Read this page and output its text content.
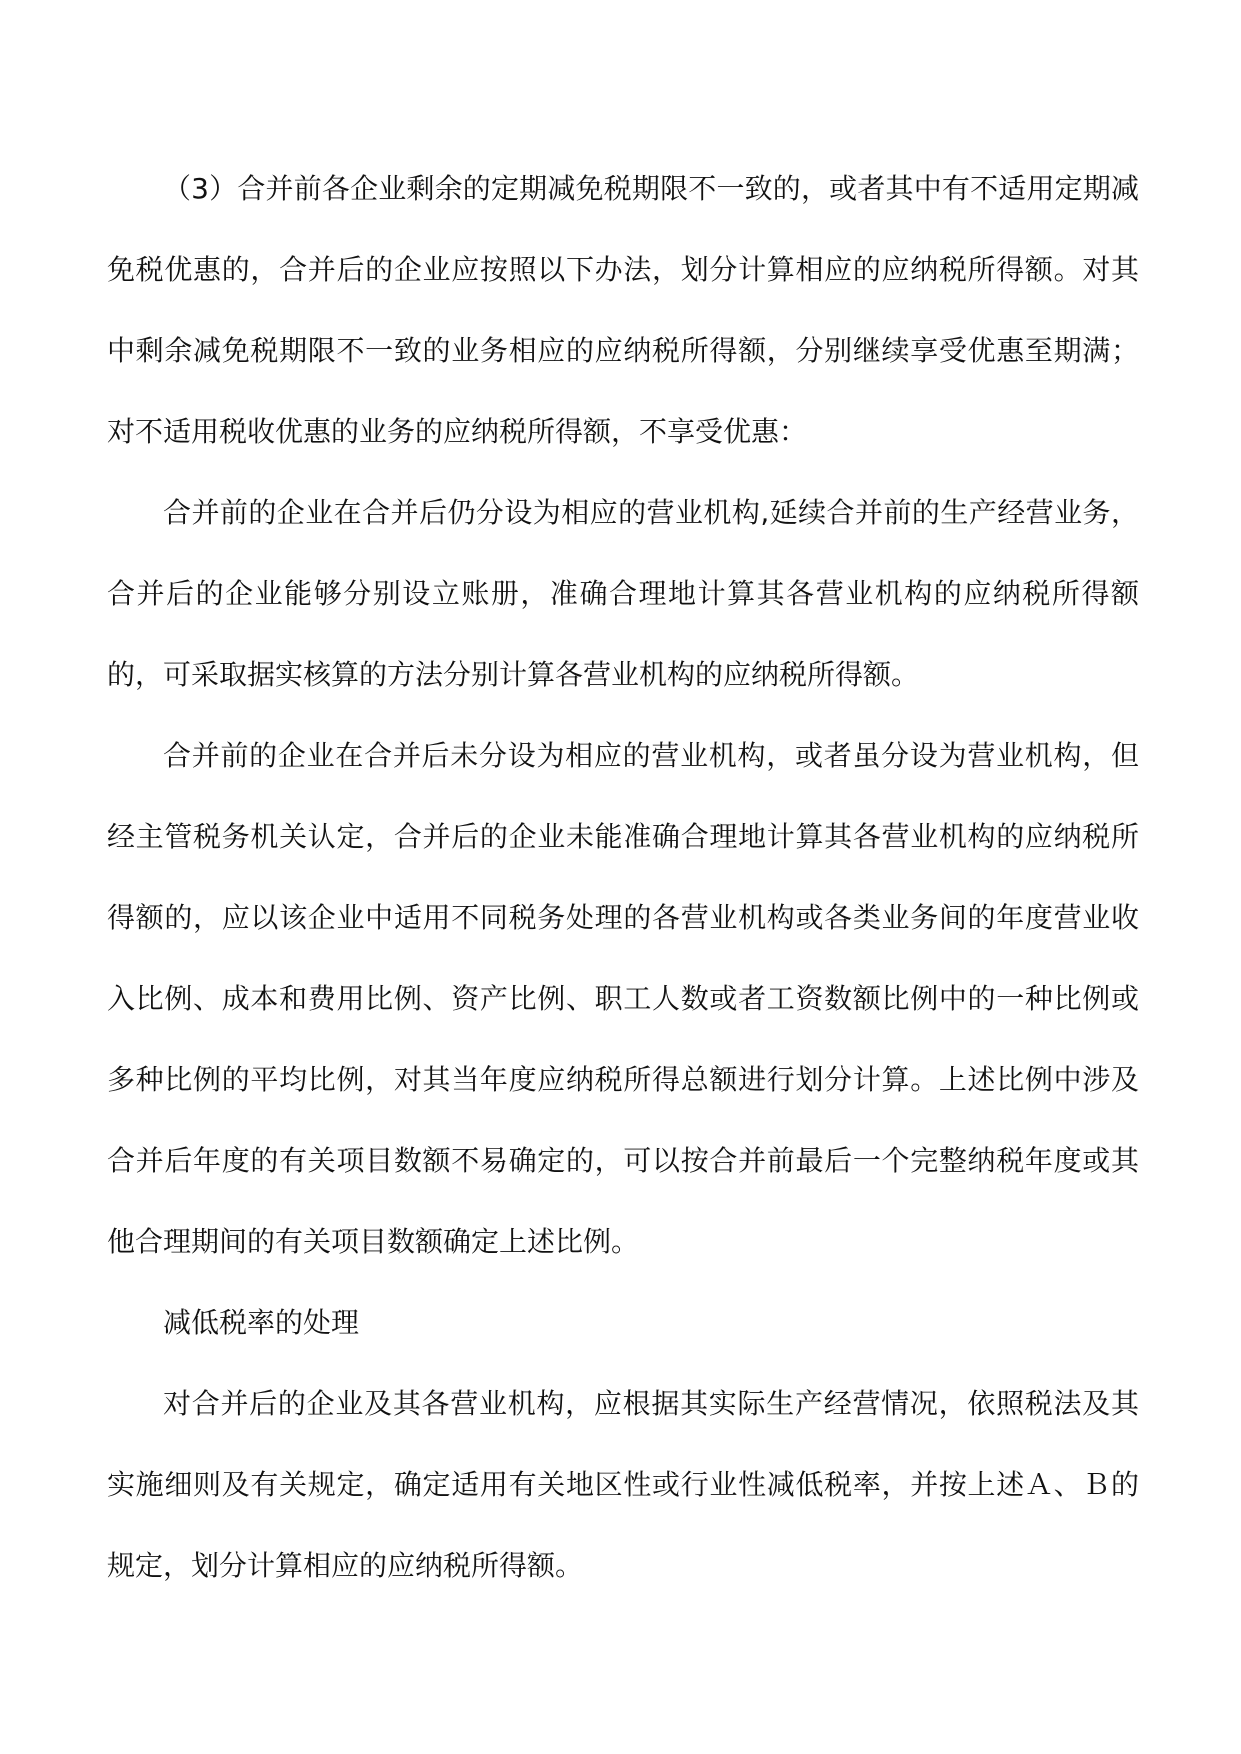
（3）合并前各企业剩余的定期减免税期限不一致的，或者其中有不适用定期减免税优惠的，合并后的企业应按照以下办法，划分计算相应的应纳税所得额。对其中剩余减免税期限不一致的业务相应的应纳税所得额，分别继续享受优惠至期满；对不适用税收优惠的业务的应纳税所得额，不享受优惠：

合并前的企业在合并后仍分设为相应的营业机构,延续合并前的生产经营业务，合并后的企业能够分别设立账册，准确合理地计算其各营业机构的应纳税所得额的，可采取据实核算的方法分别计算各营业机构的应纳税所得额。

合并前的企业在合并后未分设为相应的营业机构，或者虽分设为营业机构，但经主管税务机关认定，合并后的企业未能准确合理地计算其各营业机构的应纳税所得额的，应以该企业中适用不同税务处理的各营业机构或各类业务间的年度营业收入比例、成本和费用比例、资产比例、职工人数或者工资数额比例中的一种比例或多种比例的平均比例，对其当年度应纳税所得总额进行划分计算。上述比例中涉及合并后年度的有关项目数额不易确定的，可以按合并前最后一个完整纳税年度或其他合理期间的有关项目数额确定上述比例。

减低税率的处理

对合并后的企业及其各营业机构，应根据其实际生产经营情况，依照税法及其实施细则及有关规定，确定适用有关地区性或行业性减低税率，并按上述Ａ、Ｂ的规定，划分计算相应的应纳税所得额。
